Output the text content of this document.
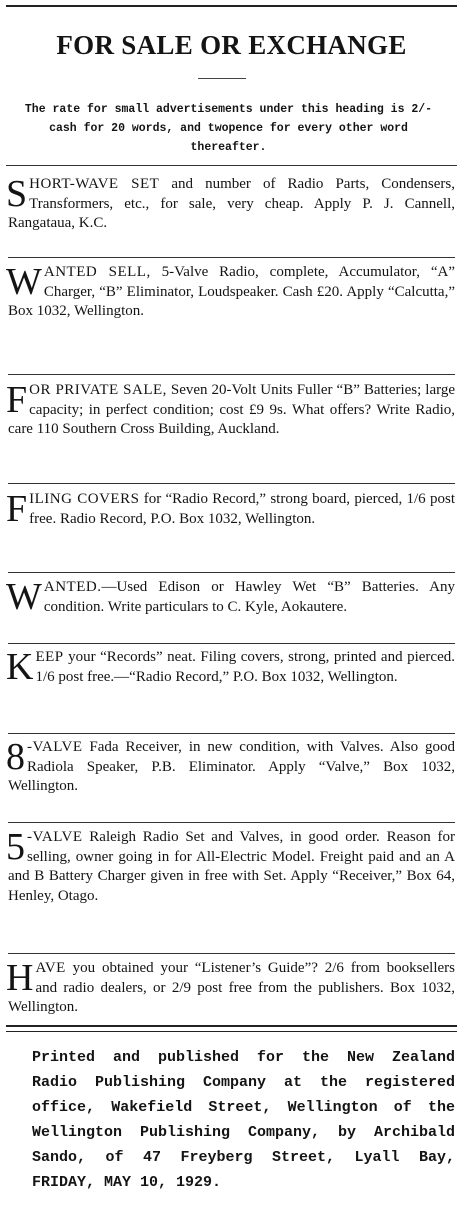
FOR SALE OR EXCHANGE
The rate for small advertisements under this heading is 2/- cash for 20 words, and twopence for every other word thereafter.

SHORT-WAVE SET and number of Radio Parts, Condensers, Transformers, etc., for sale, very cheap. Apply P. J. Cannell, Rangataua, K.C.

WANTED SELL, 5-Valve Radio, complete, Accumulator, “A” Charger, “B” Eliminator, Loudspeaker. Cash £20. Apply “Calcutta,” Box 1032, Wellington.

FOR PRIVATE SALE, Seven 20-Volt Units Fuller “B” Batteries; large capacity; in perfect condition; cost £9 9s. What offers? Write Radio, care 110 Southern Cross Building, Auckland.

FILING COVERS for “Radio Record,” strong board, pierced, 1/6 post free. Radio Record, P.O. Box 1032, Wellington.

WANTED.—Used Edison or Hawley Wet “B” Batteries. Any condition. Write particulars to C. Kyle, Aokautere.

KEEP your “Records” neat. Filing covers, strong, printed and pierced. 1/6 post free.—“Radio Record,” P.O. Box 1032, Wellington.

8 -VALVE Fada Receiver, in new condition, with Valves. Also good Radiola Speaker, P.B. Eliminator. Apply “Valve,” Box 1032, Wellington.

5 -VALVE Raleigh Radio Set and Valves, in good order. Reason for selling, owner going in for All-Electric Model. Freight paid and an A and B Battery Charger given in free with Set. Apply “Receiver,” Box 64, Henley, Otago.

HAVE you obtained your “Listener’s Guide”? 2/6 from booksellers and radio dealers, or 2/9 post free from the publishers. Box 1032, Wellington.

Printed and published for the New Zealand Radio Publishing Company at the registered office, Wakefield Street, Wellington of the Wellington Publishing Company, by Archibald Sando, of 47 Freyberg Street, Lyall Bay, FRIDAY, MAY 10, 1929.
